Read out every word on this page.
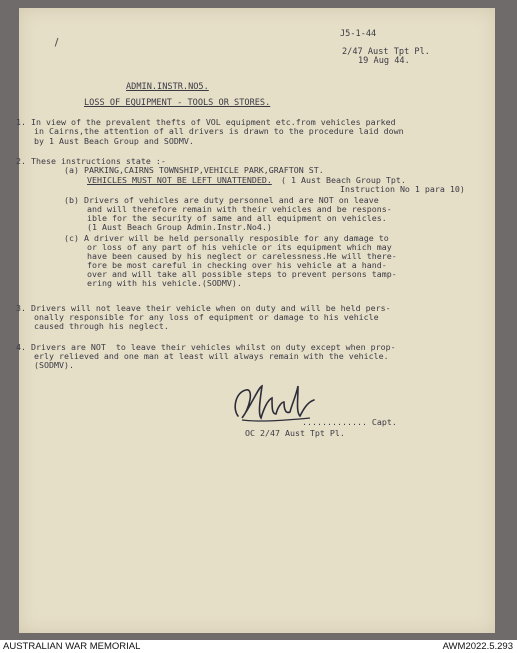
J5-1-44
2/47 Aust Tpt Pl.
19 Aug 44.
ADMIN.INSTR.NO5.
LOSS OF EQUIPMENT - TOOLS OR STORES.
1. In view of the prevalent thefts of VOL equipment etc.from vehicles parked
in Cairns,the attention of all drivers is drawn to the procedure laid down
by 1 Aust Beach Group and SODMV.
2. These instructions state :-
(a) PARKING,CAIRNS TOWNSHIP,VEHICLE PARK,GRAFTON ST.
VEHICLES MUST NOT BE LEFT UNATTENDED. ( 1 Aust Beach Group Tpt.
Instruction No 1 para 10)
(b) Drivers of vehicles are duty personnel and are NOT on leave
and will therefore remain with their vehicles and be respons-
ible for the security of same and all equipment on vehicles.
(1 Aust Beach Group Admin.Instr.No4.)
(c) A driver will be held personally resposible for any damage to
or loss of any part of his vehicle or its equipment which may
have been caused by his neglect or carelessness.He will there-
fore be most careful in checking over his vehicle at a hand-
over and will take all possible steps to prevent persons tamp-
ering with his vehicle.(SODMV).
3. Drivers will not leave their vehicle when on duty and will be held pers-
onally responsible for any loss of equipment or damage to his vehicle
caused through his neglect.
4. Drivers are NOT  to leave their vehicles whilst on duty except when prop-
erly relieved and one man at least will always remain with the vehicle.
(SODMV).
............. Capt.
OC 2/47 Aust Tpt Pl.
AUSTRALIAN WAR MEMORIAL	AWM2022.5.293
